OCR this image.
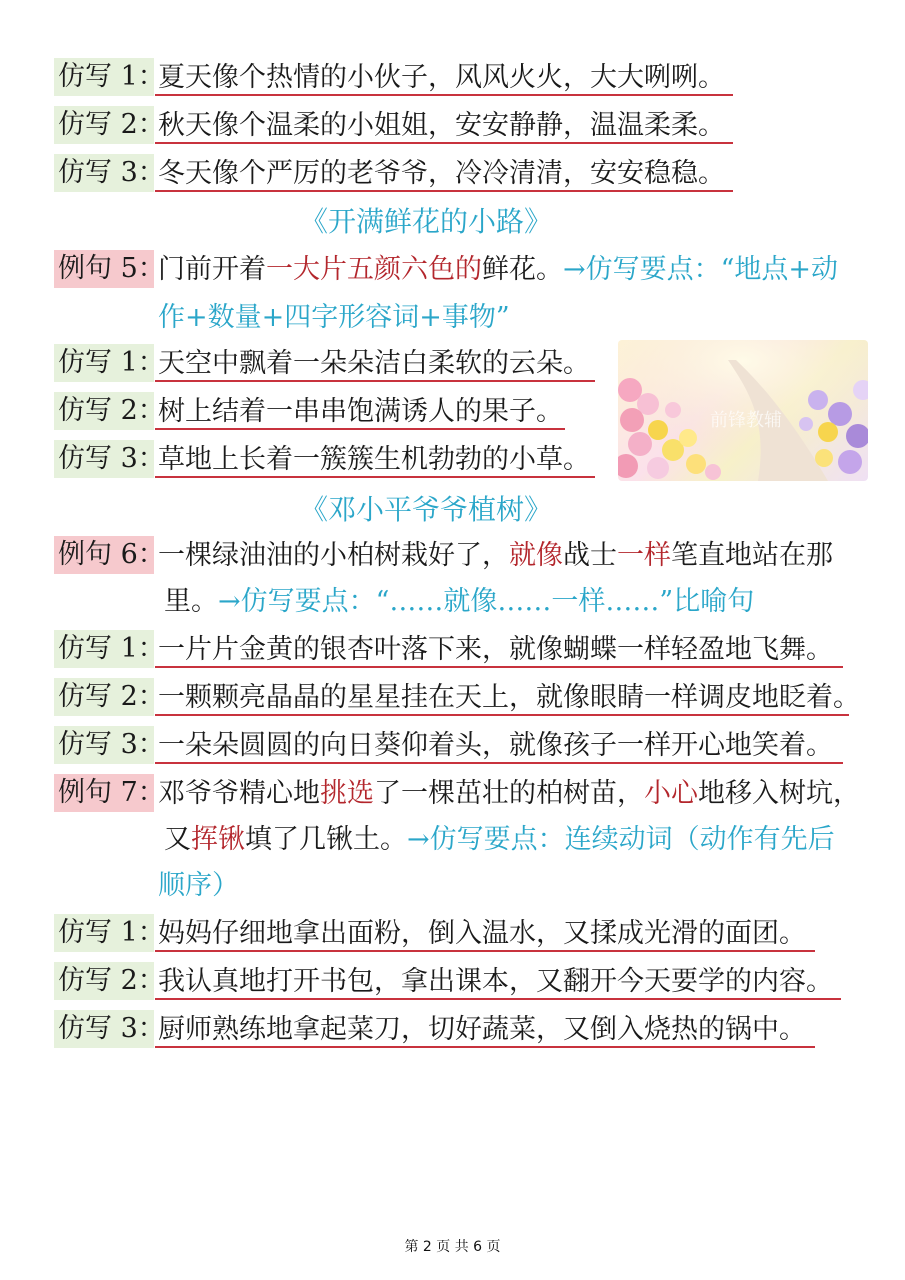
仿写 1：
夏天像个热情的小伙子，风风火火，大大咧咧。
仿写 2：
秋天像个温柔的小姐姐，安安静静，温温柔柔。
仿写 3：
冬天像个严厉的老爷爷，冷冷清清，安安稳稳。
《开满鲜花的小路》
例句 5：
门前开着一大片五颜六色的鲜花。→仿写要点：“地点+动
作+数量+四字形容词+事物”
仿写 1：
天空中飘着一朵朵洁白柔软的云朵。
仿写 2：
树上结着一串串饱满诱人的果子。
仿写 3：
草地上长着一簇簇生机勃勃的小草。
前锋教辅
《邓小平爷爷植树》
例句 6：
一棵绿油油的小柏树栽好了，就像战士一样笔直地站在那
里。→仿写要点：“……就像……一样……”比喻句
仿写 1：
一片片金黄的银杏叶落下来，就像蝴蝶一样轻盈地飞舞。
仿写 2：
一颗颗亮晶晶的星星挂在天上，就像眼睛一样调皮地眨着。
仿写 3：
一朵朵圆圆的向日葵仰着头，就像孩子一样开心地笑着。
例句 7：
邓爷爷精心地挑选了一棵茁壮的柏树苗，小心地移入树坑，
又挥锹填了几锹土。→仿写要点：连续动词（动作有先后
顺序）
仿写 1：
妈妈仔细地拿出面粉，倒入温水，又揉成光滑的面团。
仿写 2：
我认真地打开书包，拿出课本，又翻开今天要学的内容。
仿写 3：
厨师熟练地拿起菜刀，切好蔬菜，又倒入烧热的锅中。
第 2 页 共 6 页
